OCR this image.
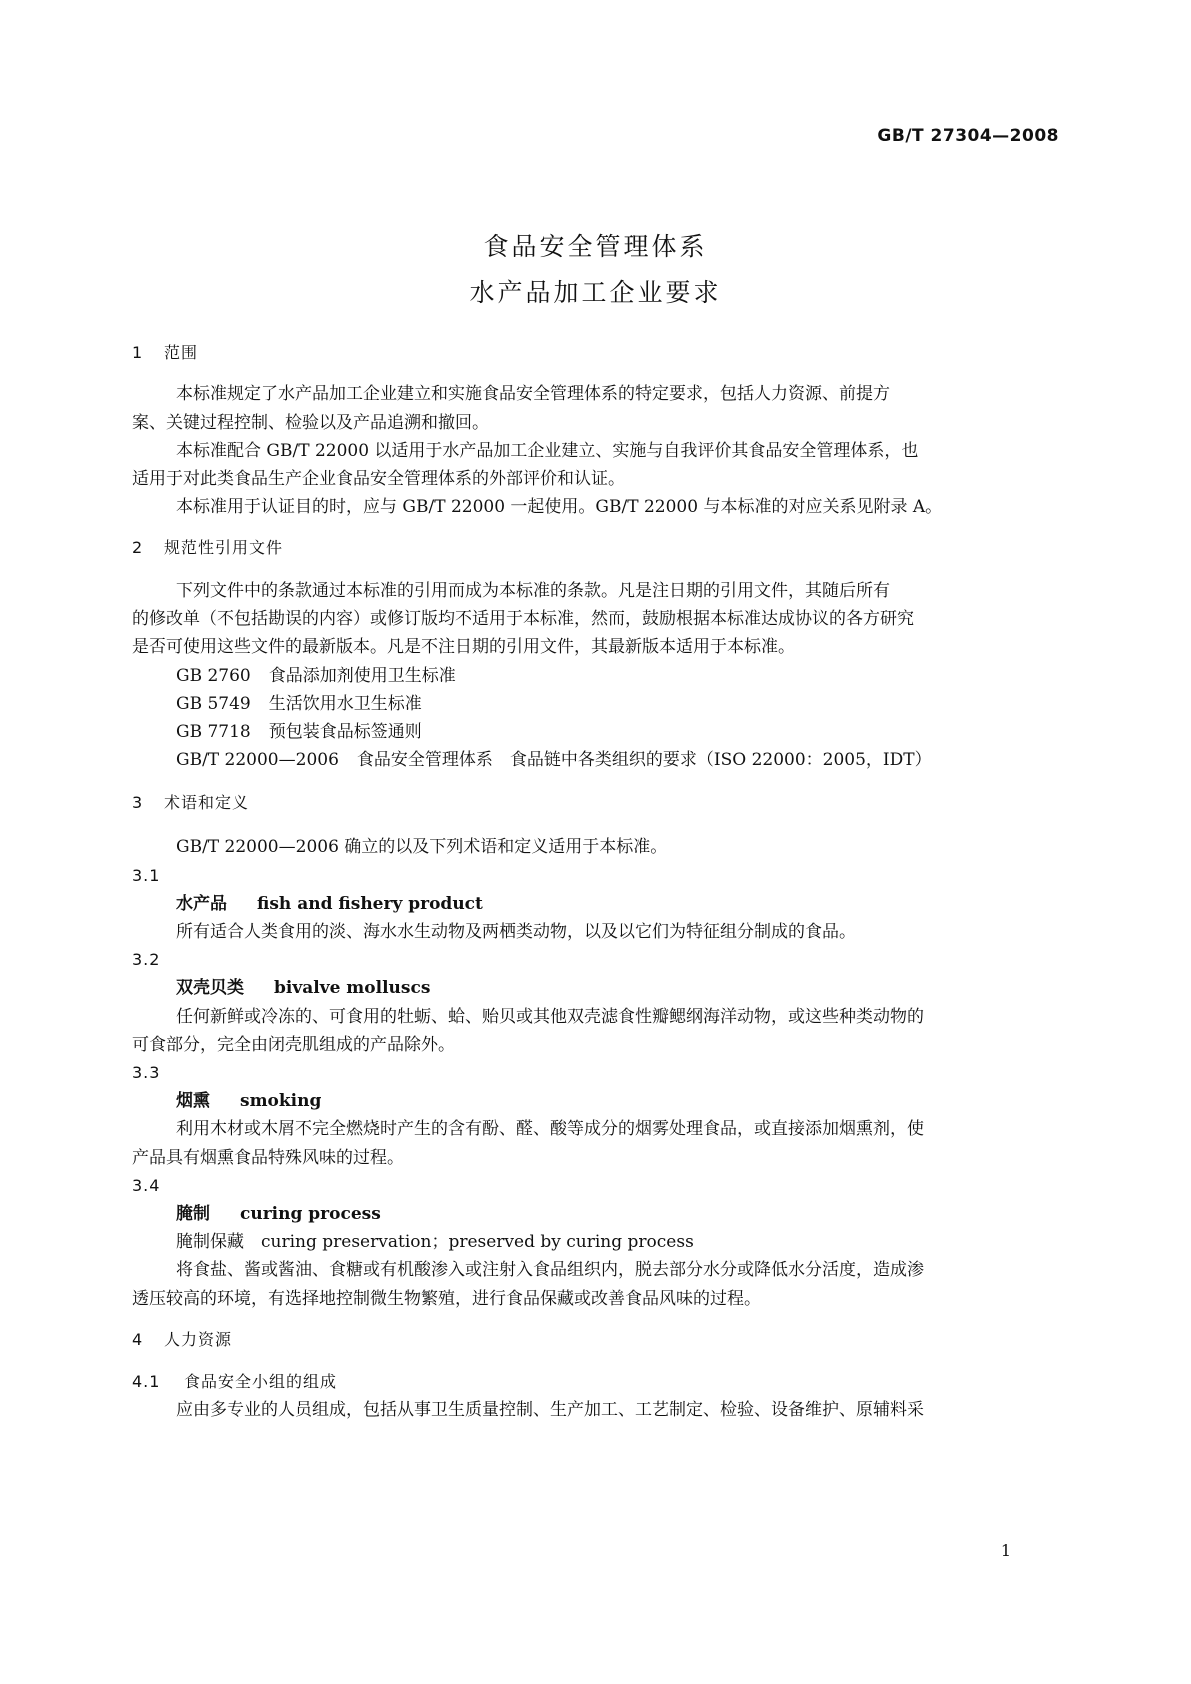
GB/T 27304—2008
食品安全管理体系
水产品加工企业要求
1 范围
本标准规定了水产品加工企业建立和实施食品安全管理体系的特定要求，包括人力资源、前提方
案、关键过程控制、检验以及产品追溯和撤回。
本标准配合 GB/T 22000 以适用于水产品加工企业建立、实施与自我评价其食品安全管理体系，也
适用于对此类食品生产企业食品安全管理体系的外部评价和认证。
本标准用于认证目的时，应与 GB/T 22000 一起使用。GB/T 22000 与本标准的对应关系见附录 A。
2 规范性引用文件
下列文件中的条款通过本标准的引用而成为本标准的条款。凡是注日期的引用文件，其随后所有
的修改单（不包括勘误的内容）或修订版均不适用于本标准，然而，鼓励根据本标准达成协议的各方研究
是否可使用这些文件的最新版本。凡是不注日期的引用文件，其最新版本适用于本标准。
GB 2760 食品添加剂使用卫生标准
GB 5749 生活饮用水卫生标准
GB 7718 预包装食品标签通则
GB/T 22000—2006 食品安全管理体系　食品链中各类组织的要求（ISO 22000：2005，IDT）
3 术语和定义
GB/T 22000—2006 确立的以及下列术语和定义适用于本标准。
3.1
水产品 fish and fishery product
所有适合人类食用的淡、海水水生动物及两栖类动物，以及以它们为特征组分制成的食品。
3.2
双壳贝类 bivalve molluscs
任何新鲜或冷冻的、可食用的牡蛎、蛤、贻贝或其他双壳滤食性瓣鳃纲海洋动物，或这些种类动物的
可食部分，完全由闭壳肌组成的产品除外。
3.3
烟熏 smoking
利用木材或木屑不完全燃烧时产生的含有酚、醛、酸等成分的烟雾处理食品，或直接添加烟熏剂，使
产品具有烟熏食品特殊风味的过程。
3.4
腌制 curing process
腌制保藏　curing preservation；preserved by curing process
将食盐、酱或酱油、食糖或有机酸渗入或注射入食品组织内，脱去部分水分或降低水分活度，造成渗
透压较高的环境，有选择地控制微生物繁殖，进行食品保藏或改善食品风味的过程。
4 人力资源
4.1 食品安全小组的组成
应由多专业的人员组成，包括从事卫生质量控制、生产加工、工艺制定、检验、设备维护、原辅料采
1
